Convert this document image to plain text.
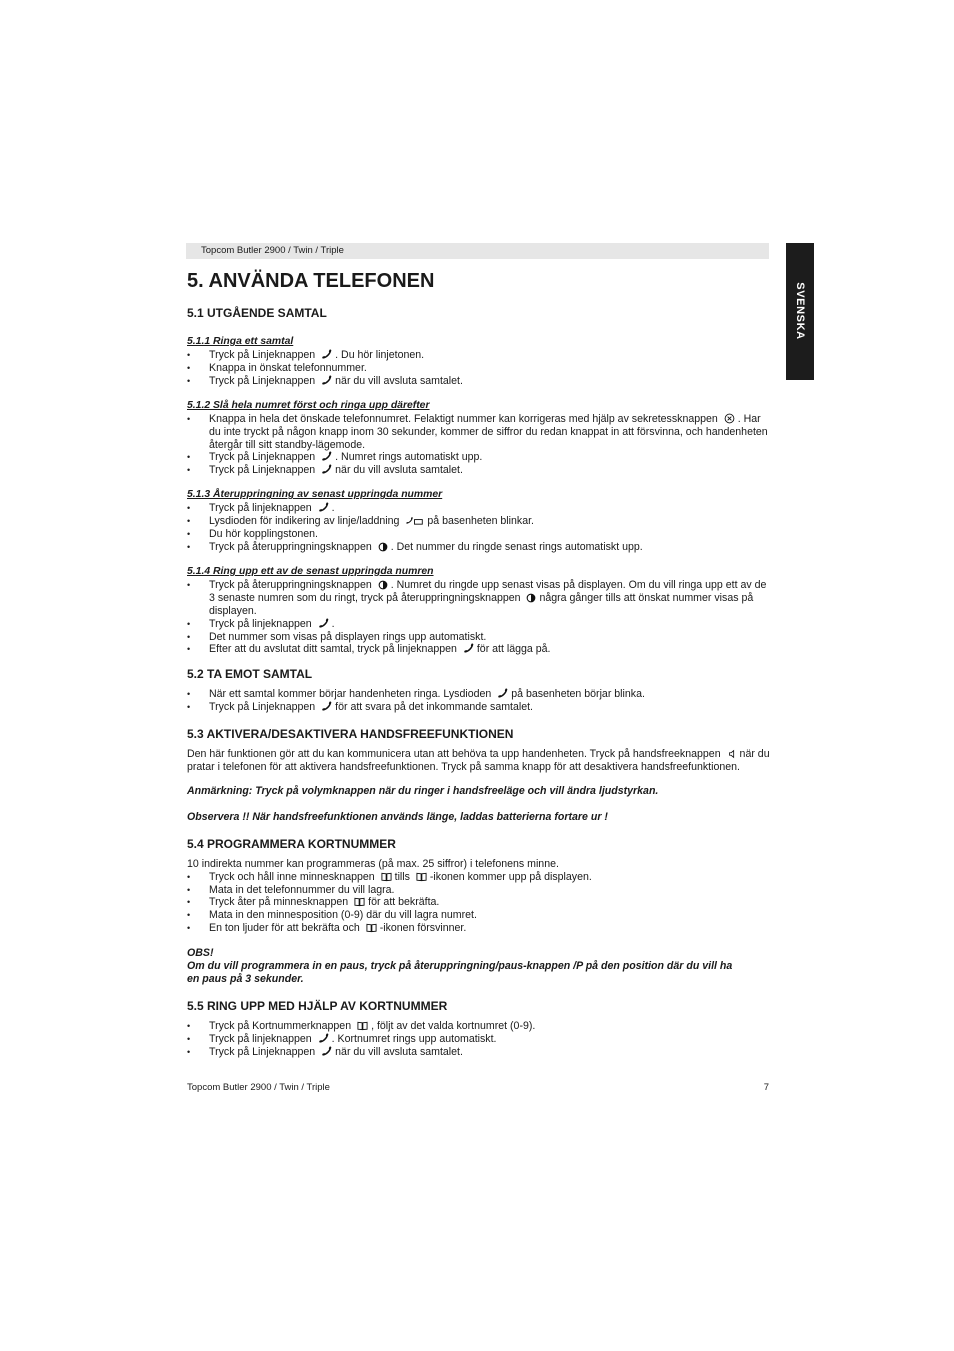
Topcom Butler 2900 / Twin / Triple
SVENSKA
5. ANVÄNDA TELEFONEN
5.1 UTGÅENDE SAMTAL
5.1.1 Ringa ett samtal
• Tryck på Linjeknappen . Du hör linjetonen.
• Knappa in önskat telefonnummer.
• Tryck på Linjeknappen när du vill avsluta samtalet.
5.1.2 Slå hela numret först och ringa upp därefter
• Knappa in hela det önskade telefonnumret. Felaktigt nummer kan korrigeras med hjälp av sekretessknappen . Har du inte tryckt på någon knapp inom 30 sekunder, kommer de siffror du redan knappat in att försvinna, och handenheten återgår till sitt standby-lägemode.
• Tryck på Linjeknappen . Numret rings automatiskt upp.
• Tryck på Linjeknappen när du vill avsluta samtalet.
5.1.3 Återuppringning av senast uppringda nummer
• Tryck på linjeknappen .
• Lysdioden för indikering av linje/laddning	på basenheten blinkar.
• Du hör kopplingstonen.
• Tryck på återuppringningsknappen . Det nummer du ringde senast rings automatiskt upp.
5.1.4 Ring upp ett av de senast uppringda numren
• Tryck på återuppringningsknappen . Numret du ringde upp senast visas på displayen. Om du vill ringa upp ett av de 3 senaste numren som du ringt, tryck på återuppringningsknappen några gånger tills att önskat nummer visas på displayen.
• Tryck på linjeknappen .
• Det nummer som visas på displayen rings upp automatiskt.
• Efter att du avslutat ditt samtal, tryck på linjeknappen för att lägga på.
5.2 TA EMOT SAMTAL
• När ett samtal kommer börjar handenheten ringa. Lysdioden på basenheten börjar blinka.
• Tryck på Linjeknappen för att svara på det inkommande samtalet.
5.3 AKTIVERA/DESAKTIVERA HANDSFREEFUNKTIONEN

Den här funktionen gör att du kan kommunicera utan att behöva ta upp handenheten. Tryck på handsfreeknappen när du pratar i telefonen för att aktivera handsfreefunktionen. Tryck på samma knapp för att desaktivera handsfreefunktionen.

Anmärkning: Tryck på volymknappen när du ringer i handsfreeläge och vill ändra ljudstyrkan.

Observera !! När handsfreefunktionen används länge, laddas batterierna fortare ur !

5.4 PROGRAMMERA KORTNUMMER

10 indirekta nummer kan programmeras (på max. 25 siffror) i telefonens minne.

• Tryck och håll inne minnesknappen tills -ikonen kommer upp på displayen.
• Mata in det telefonnummer du vill lagra.
• Tryck åter på minnesknappen för att bekräfta.
• Mata in den minnesposition (0-9) där du vill lagra numret.
• En ton ljuder för att bekräfta och -ikonen försvinner.

OBS!

Om du vill programmera in en paus, tryck på återuppringning/paus-knappen /P på den position där du vill ha en paus på 3 sekunder.

5.5 RING UPP MED HJÄLP AV KORTNUMMER
• Tryck på Kortnummerknappen , följt av det valda kortnumret (0-9).
• Tryck på linjeknappen . Kortnumret rings upp automatiskt.
• Tryck på Linjeknappen när du vill avsluta samtalet.
Topcom Butler 2900 / Twin / Triple	7
